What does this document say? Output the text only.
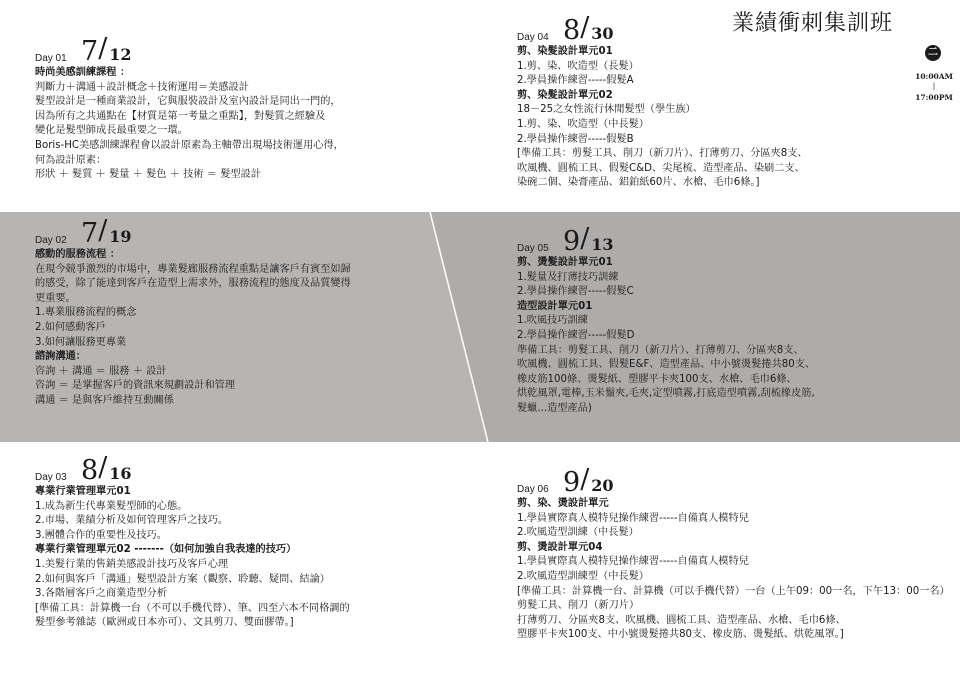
業績衝刺集訓班
二
10:00AM
|
17:00PM
Day 01 7/ 12
時尚美感訓練課程 ：
判斷力＋溝通＋設計概念＋技術運用＝美感設計
髮型設計是一種商業設計，它與服裝設計及室內設計是同出一門的，
因為所有之共通點在【材質是第一考量之重點】，對髮質之經驗及
變化是髮型師成長最重要之一環。
Boris-HC美感訓練課程會以設計原素為主軸帶出現場技術運用心得，
何為設計原素：
形狀 ＋ 髮質 ＋ 髮量 ＋ 髮色 ＋ 技術 ＝ 髮型設計
Day 02 7/ 19
感動的服務流程 ：
在現今競爭激烈的市場中，專業髮廊服務流程重點是讓客戶有賓至如歸
的感受，除了能達到客戶在造型上需求外，服務流程的態度及品質變得
更重要。
1.專業服務流程的概念
2.如何感動客戶
3.如何讓服務更專業
諮詢溝通：
咨詢 ＋ 溝通 ＝ 服務 ＋ 設計
咨詢 ＝ 是掌握客戶的資訊來規劃設計和管理
溝通 ＝ 是與客戶維持互動關係
Day 03 8/ 16
專業行業管理單元01
1.成為新生代專業髮型師的心態。
2.市場、業績分析及如何管理客戶之技巧。
3.團體合作的重要性及技巧。
專業行業管理單元02 -------（如何加強自我表達的技巧）
1.美髮行業的售銷美感設計技巧及客戶心理
2.如何與客戶「溝通」髮型設計方案（觀察、聆聽、疑問、結論）
3.各階層客戶之商業造型分析
[準備工具：計算機一台（不可以手機代替）、筆、四至六本不同格調的
髮型參考雜誌（歐洲或日本亦可）、文具剪刀、雙面膠帶。]
Day 04 8/ 30
剪、染髮設計單元01
1.剪、染、吹造型（長髮）
2.學員操作練習-----假髮A
剪、染髮設計單元02
18－25之女性流行休閒髮型（學生族）
1.剪、染、吹造型（中長髮）
2.學員操作練習-----假髮B
[準備工具：剪髮工具、削刀（新刀片）、打薄剪刀、分區夾8支、
吹風機、圓梳工具、假髮C&D、尖尾梳、造型產品、染刷二支、
染碗二個、染膏產品、鋁鉑紙60片、水槍、毛巾6條。]
Day 05 9/ 13
剪、燙髮設計單元01
1.髮量及打薄技巧訓練
2.學員操作練習-----假髮C
造型設計單元01
1.吹風技巧訓練
2.學員操作練習-----假髮D
準備工具：剪髮工具、削刀（新刀片）、打薄剪刀、分區夾8支、
吹風機、圓梳工具、假髮E&F、造型產品、中小號燙髮捲共80支、
橡皮筋100條、燙髮紙、塑膠平卡夾100支、水槍、毛巾6條、
烘乾風罩,電棒,玉米鬚夾,毛夾,定型噴霧,打底造型噴霧,刮梳橡皮筋,
髮蠟...造型產品)
Day 06 9/ 20
剪、染、燙設計單元
1.學員實際真人模特兒操作練習-----自備真人模特兒
2.吹風造型訓練（中長髮）
剪、燙設計單元04
1.學員實際真人模特兒操作練習-----自備真人模特兒
2.吹風造型訓練型（中長髮）
[準備工具：計算機一台、計算機（可以手機代替）一台（上午09：00一名，下午13：00一名）
剪髮工具、削刀（新刀片）
打薄剪刀、分區夾8支、吹風機、圓梳工具、造型產品、水槍、毛巾6條、
塑膠平卡夾100支、中小號燙髮捲共80支、橡皮筋、燙髮紙、烘乾風罩。]
